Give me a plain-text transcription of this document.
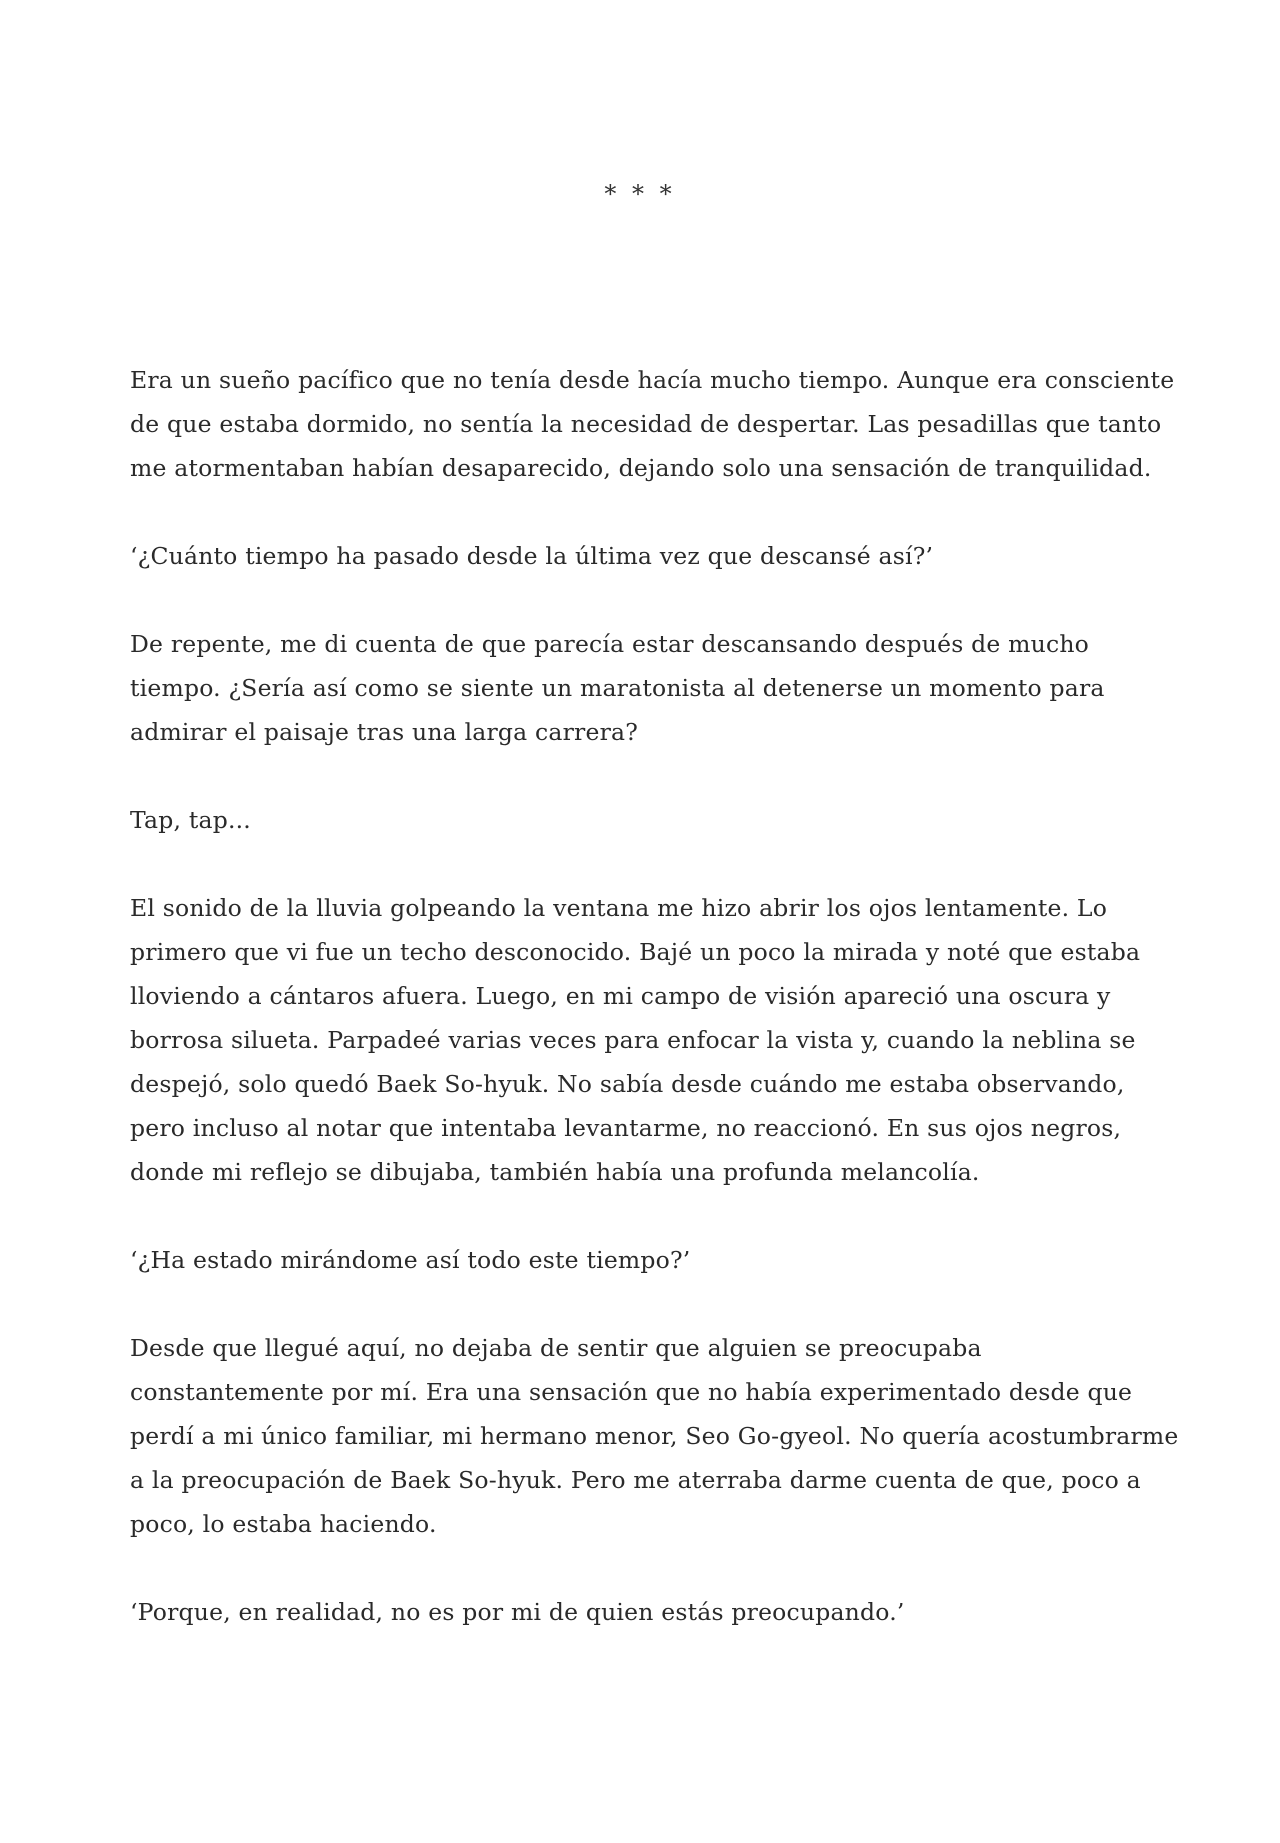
* * *

Era un sueño pacífico que no tenía desde hacía mucho tiempo. Aunque era consciente de que estaba dormido, no sentía la necesidad de despertar. Las pesadillas que tanto me atormentaban habían desaparecido, dejando solo una sensación de tranquilidad.

‘¿Cuánto tiempo ha pasado desde la última vez que descansé así?’

De repente, me di cuenta de que parecía estar descansando después de mucho tiempo. ¿Sería así como se siente un maratonista al detenerse un momento para admirar el paisaje tras una larga carrera?

Tap, tap...

El sonido de la lluvia golpeando la ventana me hizo abrir los ojos lentamente. Lo primero que vi fue un techo desconocido. Bajé un poco la mirada y noté que estaba lloviendo a cántaros afuera. Luego, en mi campo de visión apareció una oscura y borrosa silueta. Parpadeé varias veces para enfocar la vista y, cuando la neblina se despejó, solo quedó Baek So-hyuk. No sabía desde cuándo me estaba observando, pero incluso al notar que intentaba levantarme, no reaccionó. En sus ojos negros, donde mi reflejo se dibujaba, también había una profunda melancolía.

‘¿Ha estado mirándome así todo este tiempo?’

Desde que llegué aquí, no dejaba de sentir que alguien se preocupaba constantemente por mí. Era una sensación que no había experimentado desde que perdí a mi único familiar, mi hermano menor, Seo Go-gyeol. No quería acostumbrarme a la preocupación de Baek So-hyuk. Pero me aterraba darme cuenta de que, poco a poco, lo estaba haciendo.

‘Porque, en realidad, no es por mi de quien estás preocupando.’
